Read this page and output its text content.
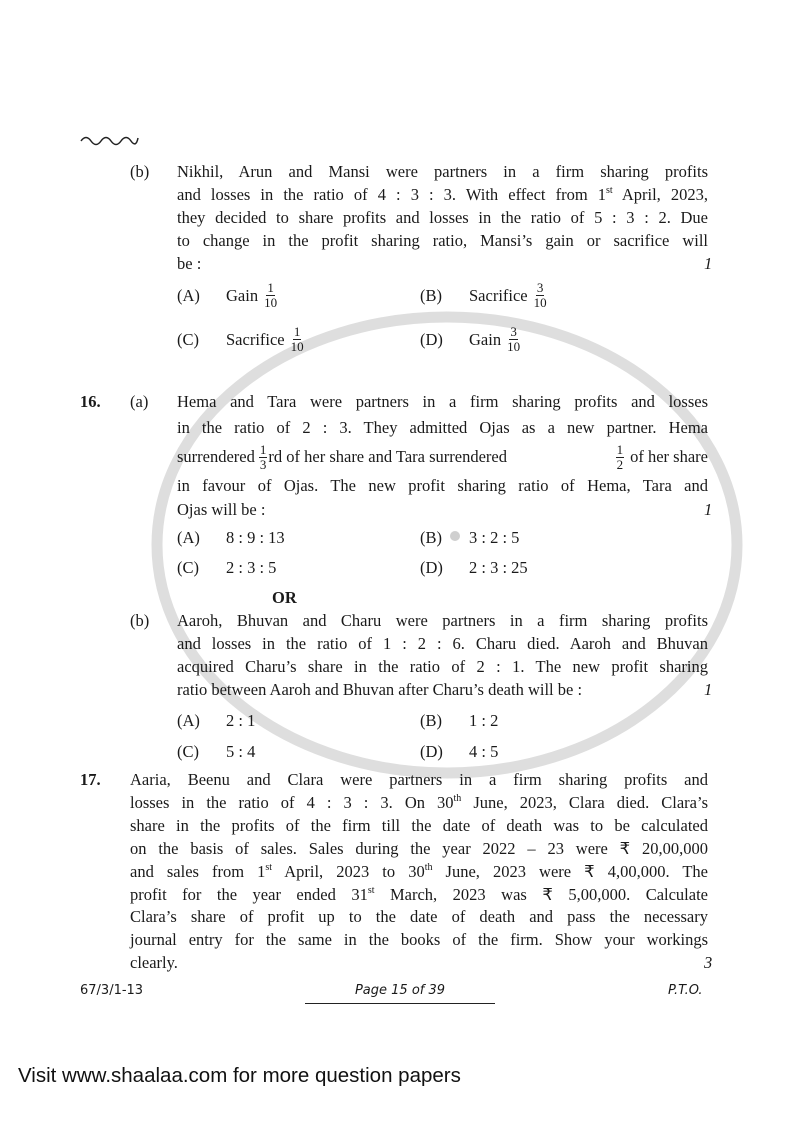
(b) Nikhil, Arun and Mansi were partners in a firm sharing profits
and losses in the ratio of 4 : 3 : 3. With effect from 1st April, 2023,
they decided to share profits and losses in the ratio of 5 : 3 : 2. Due
to change in the profit sharing ratio, Mansi’s gain or sacrifice will
be :	1
(A) Gain $\frac{1}{10}$	(B) Sacrifice $\frac{3}{10}$
(C) Sacrifice $\frac{1}{10}$	(D) Gain $\frac{3}{10}$
16. (a) Hema and Tara were partners in a firm sharing profits and losses
in the ratio of 2 : 3. They admitted Ojas as a new partner. Hema
surrendered $\frac{1}{3}$ rd of her share and Tara surrendered	$\frac{1}{2}$ of her share
in favour of Ojas. The new profit sharing ratio of Hema, Tara and
Ojas will be :	1
(A) 8 : 9 : 13	(B) 3 : 2 : 5
(C) 2 : 3 : 5	(D) 2 : 3 : 25
OR
(b) Aaroh, Bhuvan and Charu were partners in a firm sharing profits
and losses in the ratio of 1 : 2 : 6. Charu died. Aaroh and Bhuvan
acquired Charu’s share in the ratio of 2 : 1. The new profit sharing
ratio between Aaroh and Bhuvan after Charu’s death will be :	1
(A) 2 : 1	(B) 1 : 2
(C) 5 : 4	(D) 4 : 5
17. Aaria, Beenu and Clara were partners in a firm sharing profits and
losses in the ratio of 4 : 3 : 3. On 30th June, 2023, Clara died. Clara’s
share in the profits of the firm till the date of death was to be calculated
on the basis of sales. Sales during the year 2022 – 23 were ₹ 20,00,000
and sales from 1st April, 2023 to 30th June, 2023 were ₹ 4,00,000. The
profit for the year ended 31st March, 2023 was ₹ 5,00,000. Calculate
Clara’s share of profit up to the date of death and pass the necessary
journal entry for the same in the books of the firm. Show your workings
clearly.	3
67/3/1-13	Page 15 of 39	P.T.O.
Visit www.shaalaa.com for more question papers
